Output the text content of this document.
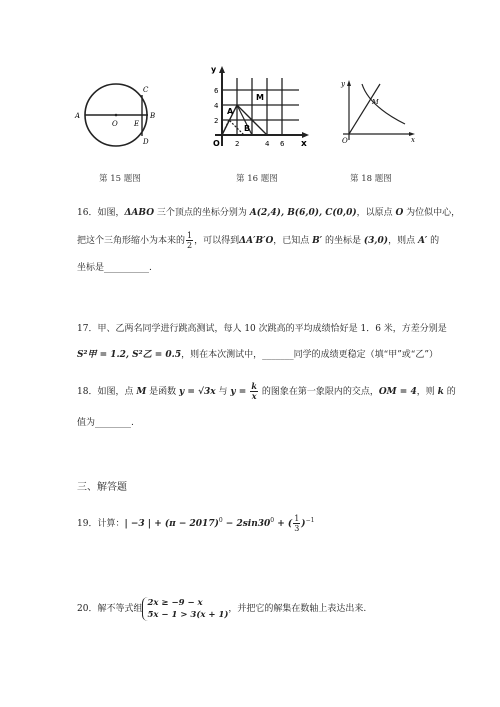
A	B
C
D
O E
第 15 题图
y
x
O
M
A
B
6
4
2
2	4 6
第 16 题图
y
x
O
M
第 18 题图
16．如图，ΔABO 三个顶点的坐标分别为 A(2,4), B(6,0), C(0,0)，以原点 O 为位似中心，
把这个三角形缩小为本来的 $\frac{1}{2}$ ，可以得到ΔA′B′O，已知点 B′ 的坐标是 (3,0)，则点 A′ 的
坐标是__________.
17．甲、乙两名同学进行跳高测试，每人 10 次跳高的平均成绩恰好是 1．6 米，方差分别是
S²甲 = 1.2, S²乙 = 0.5，则在本次测试中，_______同学的成绩更稳定（填“甲”或“乙”）
18．如图，点 M 是函数 y = √3x 与 $y = \frac{k}{x}$ 的图象在第一象限内的交点，OM = 4，则 k 的
值为________.
三、解答题
19．计算：| −3 | + $(\pi - 2017)^0 - 2\sin 30^0$ + ( $\frac{1}{3} )^{-1}$
20．解不等式组
2x ≥ −9 − x
5x − 1 > 3(x + 1)
，并把它的解集在数轴上表达出来.
